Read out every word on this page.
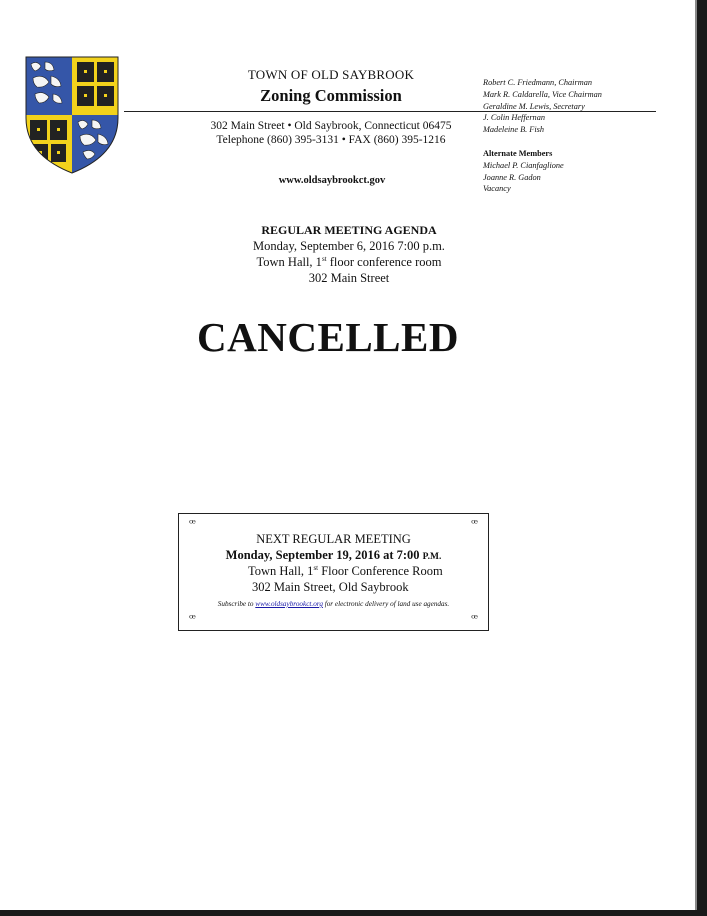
TOWN OF OLD SAYBROOK
Zoning Commission
302 Main Street • Old Saybrook, Connecticut 06475
Telephone (860) 395-3131 • FAX (860) 395-1216
www.oldsaybrookct.gov
Robert C. Friedmann, Chairman
Mark R. Caldarella, Vice Chairman
Geraldine M. Lewis, Secretary
J. Colin Heffernan
Madeleine B. Fish
Alternate Members
Michael P. Cianfaglione
Joanne R. Gadon
Vacancy
REGULAR MEETING AGENDA
Monday, September 6, 2016 7:00 p.m.
Town Hall, 1st floor conference room
302 Main Street
CANCELLED
ꟹ	ꟹ
ꟹ	ꟹ
NEXT REGULAR MEETING
Monday, September 19, 2016 at 7:00 P.M.
Town Hall, 1st Floor Conference Room
302 Main Street, Old Saybrook
Subscribe to www.oldsaybrookct.org for electronic delivery of land use agendas.
